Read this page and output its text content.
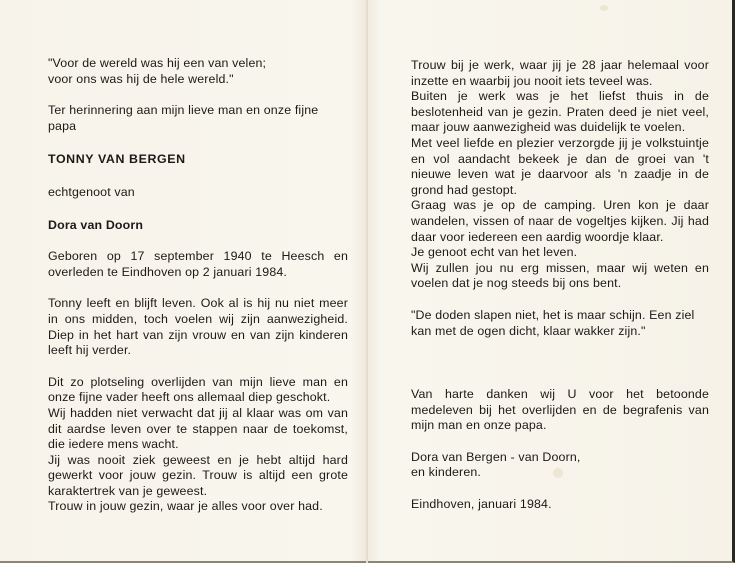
"Voor de wereld was hij een van velen;

voor ons was hij de hele wereld."

Ter herinnering aan mijn lieve man en onze fijne papa

TONNY VAN BERGEN

echtgenoot van

Dora van Doorn

Geboren op 17 september 1940 te Heesch en overleden te Eindhoven op 2 januari 1984.

Tonny leeft en blijft leven. Ook al is hij nu niet meer in ons midden, toch voelen wij zijn aanwezigheid. Diep in het hart van zijn vrouw en van zijn kinderen leeft hij verder.

Dit zo plotseling overlijden van mijn lieve man en onze fijne vader heeft ons allemaal diep geschokt.

Wij hadden niet verwacht dat jij al klaar was om van dit aardse leven over te stappen naar de toekomst, die iedere mens wacht.

Jij was nooit ziek geweest en je hebt altijd hard gewerkt voor jouw gezin. Trouw is altijd een grote karaktertrek van je geweest.

Trouw in jouw gezin, waar je alles voor over had.

Trouw bij je werk, waar jij je 28 jaar helemaal voor inzette en waarbij jou nooit iets teveel was.

Buiten je werk was je het liefst thuis in de beslotenheid van je gezin. Praten deed je niet veel, maar jouw aanwezigheid was duidelijk te voelen.

Met veel liefde en plezier verzorgde jij je volkstuintje en vol aandacht bekeek je dan de groei van 't nieuwe leven wat je daarvoor als 'n zaadje in de grond had gestopt.

Graag was je op de camping. Uren kon je daar wandelen, vissen of naar de vogeltjes kijken. Jij had daar voor iedereen een aardig woordje klaar.

Je genoot echt van het leven.

Wij zullen jou nu erg missen, maar wij weten en voelen dat je nog steeds bij ons bent.

"De doden slapen niet, het is maar schijn. Een ziel kan met de ogen dicht, klaar wakker zijn."

Van harte danken wij U voor het betoonde medeleven bij het overlijden en de begrafenis van mijn man en onze papa.

Dora van Bergen - van Doorn,

en kinderen.

Eindhoven, januari 1984.
